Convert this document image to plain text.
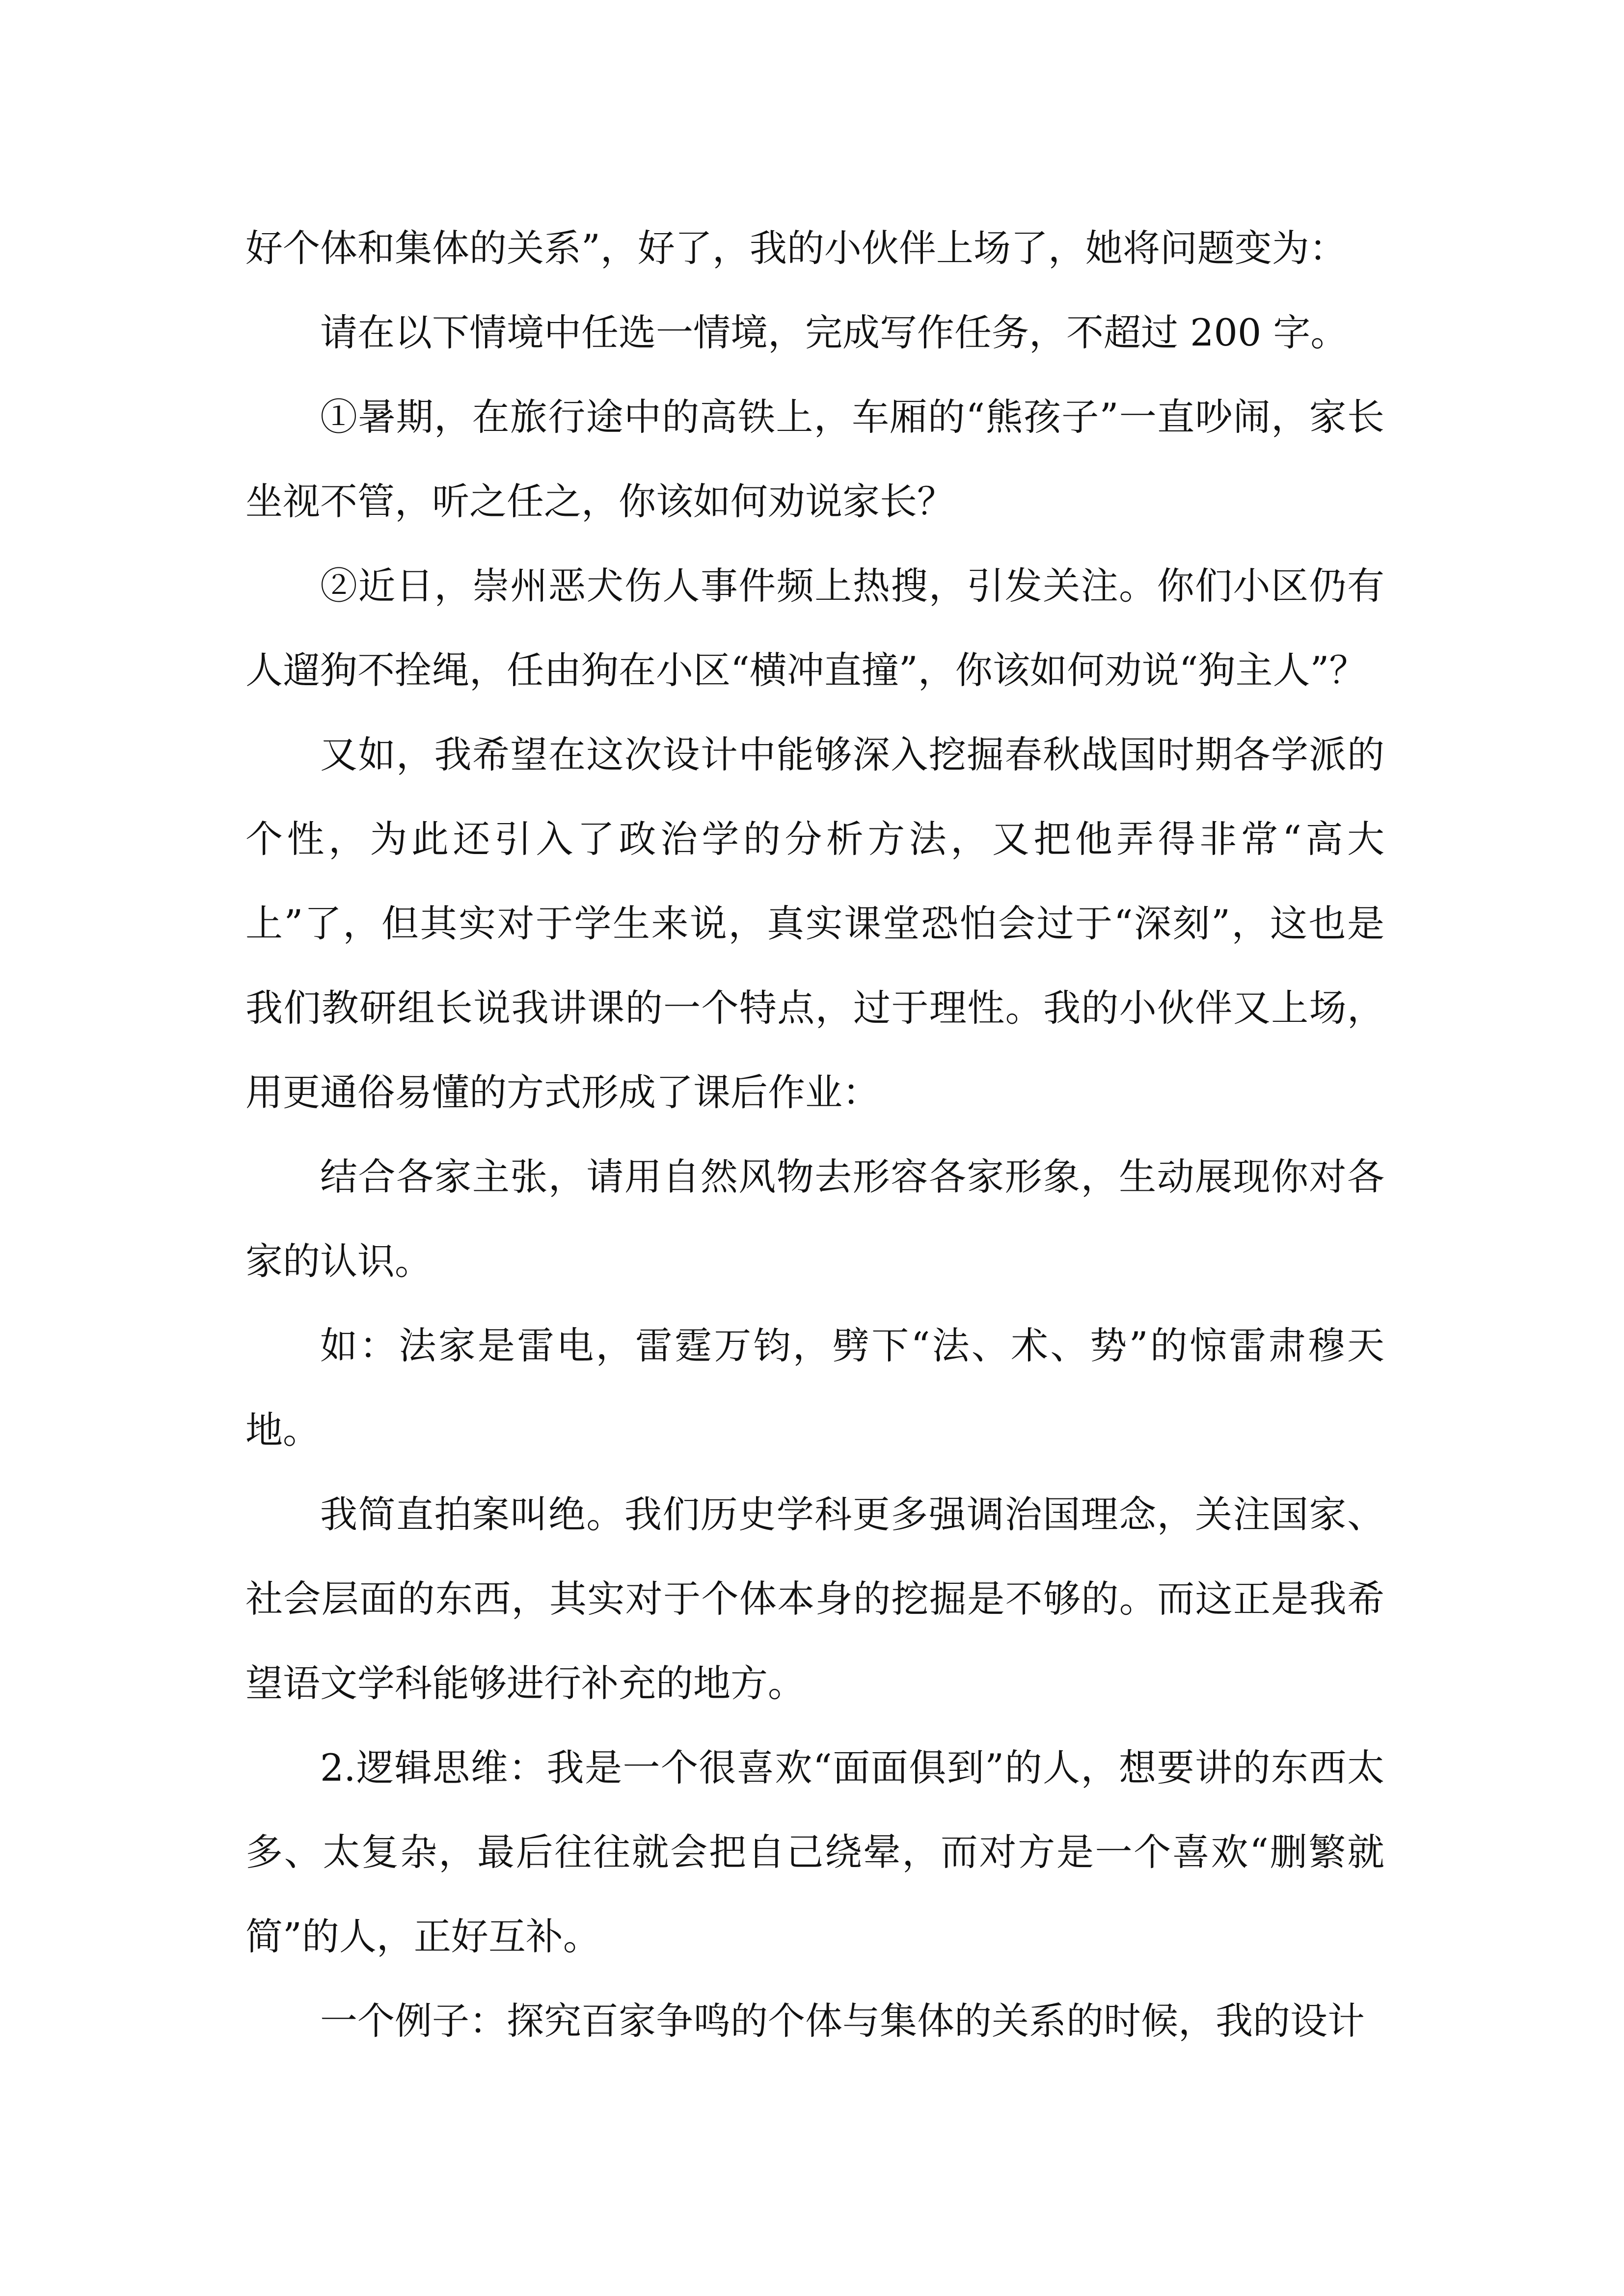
好个体和集体的关系”，好了，我的小伙伴上场了，她将问题变为：

请在以下情境中任选一情境，完成写作任务，不超过 200 字。

①暑期，在旅行途中的高铁上，车厢的“熊孩子”一直吵闹，家长坐视不管，听之任之，你该如何劝说家长？

②近日，崇州恶犬伤人事件频上热搜，引发关注。你们小区仍有人遛狗不拴绳，任由狗在小区“横冲直撞”，你该如何劝说“狗主人”？

又如，我希望在这次设计中能够深入挖掘春秋战国时期各学派的个性，为此还引入了政治学的分析方法，又把他弄得非常“高大上”了，但其实对于学生来说，真实课堂恐怕会过于“深刻”，这也是我们教研组长说我讲课的一个特点，过于理性。我的小伙伴又上场，用更通俗易懂的方式形成了课后作业：

结合各家主张，请用自然风物去形容各家形象，生动展现你对各家的认识。

如：法家是雷电，雷霆万钧，劈下“法、术、势”的惊雷肃穆天地。

我简直拍案叫绝。我们历史学科更多强调治国理念，关注国家、社会层面的东西，其实对于个体本身的挖掘是不够的。而这正是我希望语文学科能够进行补充的地方。

2.逻辑思维：我是一个很喜欢“面面俱到”的人，想要讲的东西太多、太复杂，最后往往就会把自己绕晕，而对方是一个喜欢“删繁就简”的人，正好互补。

一个例子：探究百家争鸣的个体与集体的关系的时候，我的设计
